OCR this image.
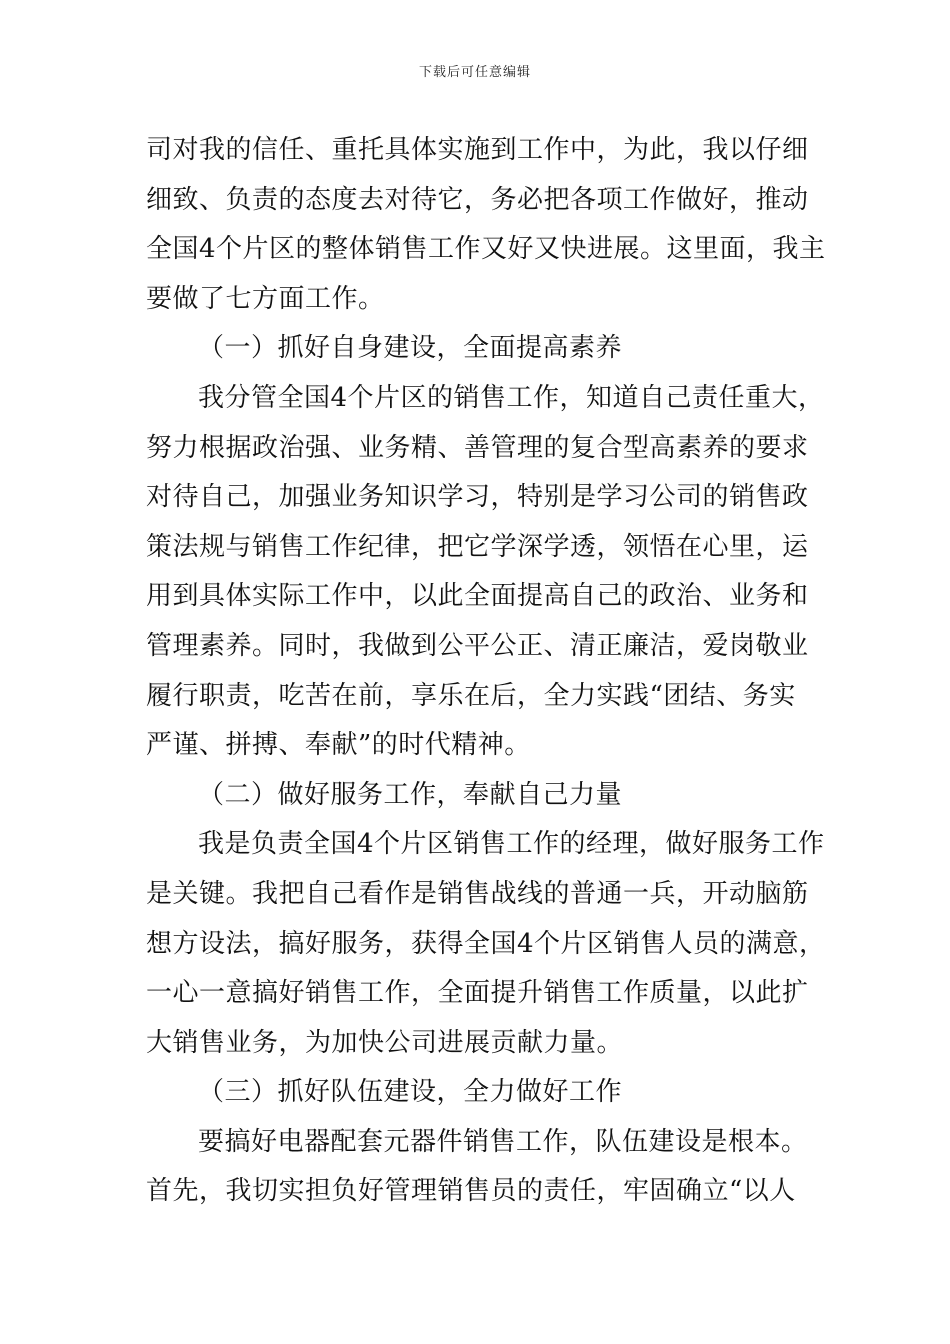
下载后可任意编辑
司对我的信任、重托具体实施到工作中，为此，我以仔细
细致、负责的态度去对待它，务必把各项工作做好，推动
全国4个片区的整体销售工作又好又快进展。这里面，我主
要做了七方面工作。
（一）抓好自身建设，全面提高素养
我分管全国4个片区的销售工作，知道自己责任重大，
努力根据政治强、业务精、善管理的复合型高素养的要求
对待自己，加强业务知识学习，特别是学习公司的销售政
策法规与销售工作纪律，把它学深学透，领悟在心里，运
用到具体实际工作中，以此全面提高自己的政治、业务和
管理素养。同时，我做到公平公正、清正廉洁，爱岗敬业
履行职责，吃苦在前，享乐在后，全力实践“团结、务实
严谨、拼搏、奉献”的时代精神。
（二）做好服务工作，奉献自己力量
我是负责全国4个片区销售工作的经理，做好服务工作
是关键。我把自己看作是销售战线的普通一兵，开动脑筋
想方设法，搞好服务，获得全国4个片区销售人员的满意，
一心一意搞好销售工作，全面提升销售工作质量，以此扩
大销售业务，为加快公司进展贡献力量。
（三）抓好队伍建设，全力做好工作
要搞好电器配套元器件销售工作，队伍建设是根本。
首先，我切实担负好管理销售员的责任，牢固确立“以人
